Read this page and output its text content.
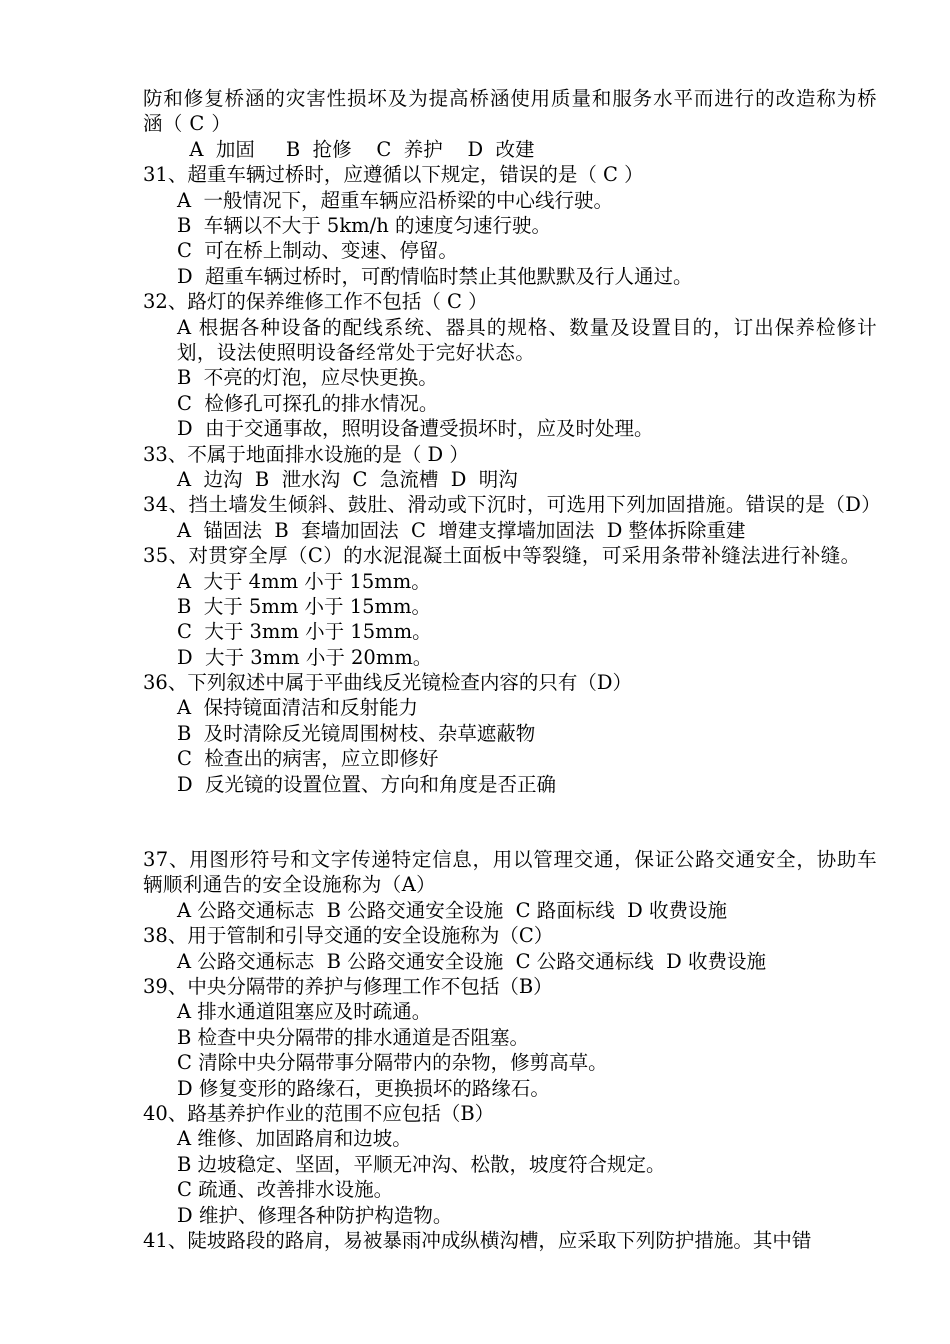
防和修复桥涵的灾害性损坏及为提高桥涵使用质量和服务水平而进行的改造称为桥涵（ C ）
A  加固     B  抢修    C  养护    D  改建
31、超重车辆过桥时，应遵循以下规定，错误的是（ C ）
A  一般情况下，超重车辆应沿桥梁的中心线行驶。
B  车辆以不大于 5km/h 的速度匀速行驶。
C  可在桥上制动、变速、停留。
D  超重车辆过桥时，可酌情临时禁止其他默默及行人通过。
32、路灯的保养维修工作不包括（ C ）
A 根据各种设备的配线系统、器具的规格、数量及设置目的，订出保养检修计划，设法使照明设备经常处于完好状态。
B  不亮的灯泡，应尽快更换。
C  检修孔可探孔的排水情况。
D  由于交通事故，照明设备遭受损坏时，应及时处理。
33、不属于地面排水设施的是（ D ）
A  边沟  B  泄水沟  C  急流槽  D  明沟
34、挡土墙发生倾斜、鼓肚、滑动或下沉时，可选用下列加固措施。错误的是（D）
A  锚固法  B  套墙加固法  C  增建支撑墙加固法  D 整体拆除重建
35、对贯穿全厚（C）的水泥混凝土面板中等裂缝，可采用条带补缝法进行补缝。
A  大于 4mm 小于 15mm。
B  大于 5mm 小于 15mm。
C  大于 3mm 小于 15mm。
D  大于 3mm 小于 20mm。
36、下列叙述中属于平曲线反光镜检查内容的只有（D）
A  保持镜面清洁和反射能力
B  及时清除反光镜周围树枝、杂草遮蔽物
C  检查出的病害，应立即修好
D  反光镜的设置位置、方向和角度是否正确
37、用图形符号和文字传递特定信息，用以管理交通，保证公路交通安全，协助车辆顺利通告的安全设施称为（A）
A 公路交通标志  B 公路交通安全设施  C 路面标线  D 收费设施
38、用于管制和引导交通的安全设施称为（C）
A 公路交通标志  B 公路交通安全设施  C 公路交通标线  D 收费设施
39、中央分隔带的养护与修理工作不包括（B）
A 排水通道阻塞应及时疏通。
B 检查中央分隔带的排水通道是否阻塞。
C 清除中央分隔带事分隔带内的杂物，修剪高草。
D 修复变形的路缘石，更换损坏的路缘石。
40、路基养护作业的范围不应包括（B）
A 维修、加固路肩和边坡。
B 边坡稳定、坚固，平顺无冲沟、松散，坡度符合规定。
C 疏通、改善排水设施。
D 维护、修理各种防护构造物。
41、陡坡路段的路肩，易被暴雨冲成纵横沟槽，应采取下列防护措施。其中错
